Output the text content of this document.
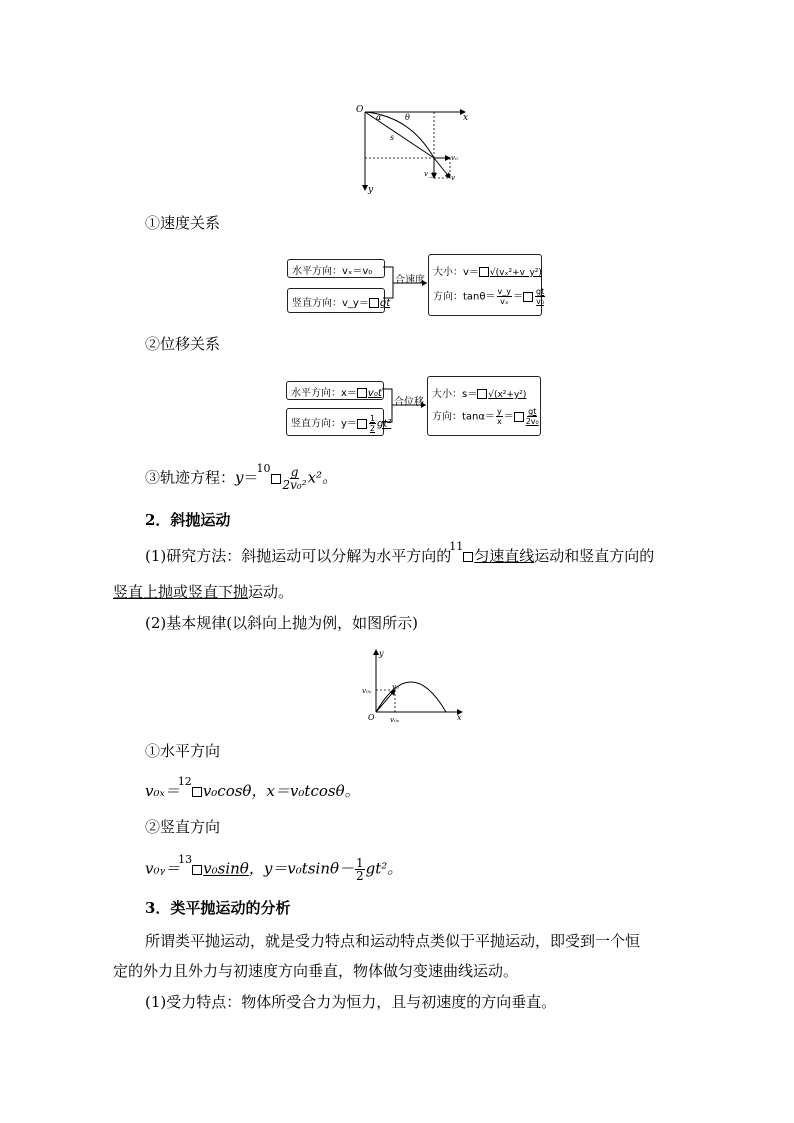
O
x
y
α	θ
s
v₀
v_y v
①速度关系
水平方向：vₓ＝v₀
竖直方向：v_y＝ gt
合速度
大小：v＝ √(vₓ²+v_y²)
方向：$\tan\theta= \frac{v\_y}{\text{vₓ}} = \frac{gt}{\text{v₀}}$
②位移关系
水平方向：x＝ v₀t
竖直方向：$y= \frac{1}{2} gt^2$
合位移
大小：s＝ √(x²+y²)
方向：$\tan\alpha= \frac{y}{x} = \frac{gt}{\text{2v₀}}$
③轨迹方程：$y=^{10} \frac{g}{\text{2v₀²}} x^2$。
2．斜抛运动
(1)研究方法：斜抛运动可以分解为水平方向的$^{11}$匀速直线运动和竖直方向的
竖直上抛或竖直下抛运动。
(2)基本规律(以斜向上抛为例，如图所示)
O	x
y
v₀
v₀ᵧ
v₀ₓ
①水平方向
v₀ₓ＝$^{12}$v₀cosθ，x＝v₀tcosθ。
②竖直方向
v₀ᵧ＝$^{13}$v₀sinθ，$y=v_0tsin\theta- \frac{1}{2} gt^2$。
3．类平抛运动的分析
所谓类平抛运动，就是受力特点和运动特点类似于平抛运动，即受到一个恒
定的外力且外力与初速度方向垂直，物体做匀变速曲线运动。
(1)受力特点：物体所受合力为恒力，且与初速度的方向垂直。
